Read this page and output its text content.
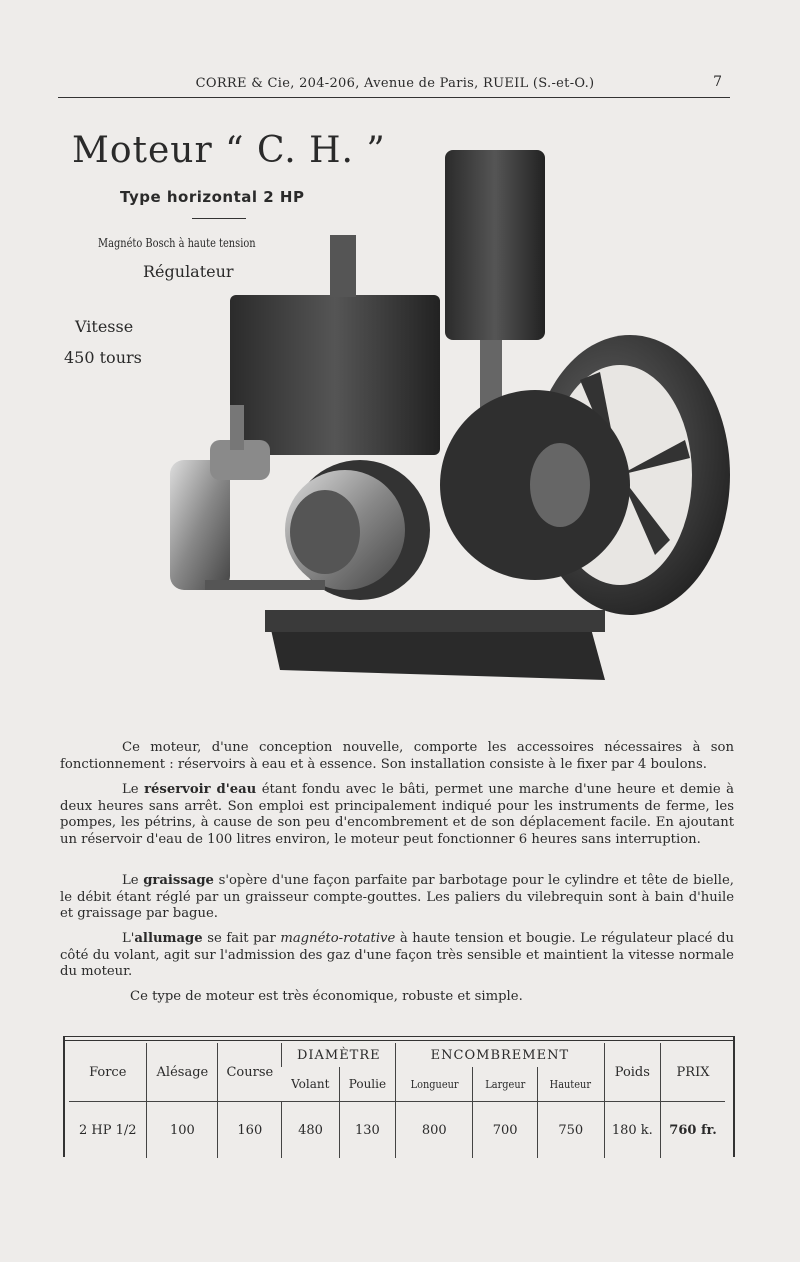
CORRE & Cie, 204-206, Avenue de Paris, RUEIL (S.-et-O.)	7
Moteur “ C. H. ”
Type horizontal 2 HP
Magnéto Bosch à haute tension
Régulateur
Vitesse
450 tours
Ce moteur, d'une conception nouvelle, comporte les accessoires nécessaires à son fonctionnement : réservoirs à eau et à essence. Son installation consiste à le fixer par 4 boulons.
Le réservoir d'eau étant fondu avec le bâti, permet une marche d'une heure et demie à deux heures sans arrêt. Son emploi est principalement indiqué pour les instruments de ferme, les pompes, les pétrins, à cause de son peu d'encombrement et de son déplacement facile. En ajoutant un réservoir d'eau de 100 litres environ, le moteur peut fonctionner 6 heures sans interruption.
Le graissage s'opère d'une façon parfaite par barbotage pour le cylindre et tête de bielle, le débit étant réglé par un graisseur compte-gouttes. Les paliers du vilebrequin sont à bain d'huile et graissage par bague.
L'allumage se fait par magnéto-rotative à haute tension et bougie. Le régulateur placé du côté du volant, agit sur l'admission des gaz d'une façon très sensible et maintient la vitesse normale du moteur.
Ce type de moteur est très économique, robuste et simple.
Force	Alésage	Course	DIAMÈTRE		ENCOMBREMENT			Poids	PRIX
			Volant	Poulie	Longueur	Largeur	Hauteur		
2 HP 1/2	100	160	480	130	800	700	750	180 k.	760 fr.
